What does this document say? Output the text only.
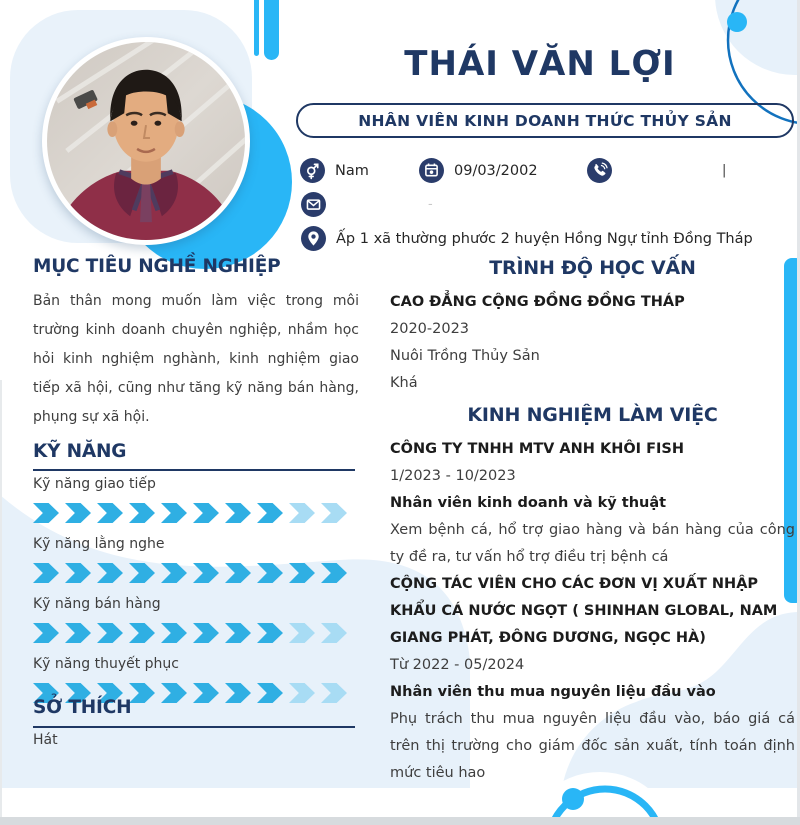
THÁI VĂN LỢI
NHÂN VIÊN KINH DOANH THỨC THỦY SẢN
Nam	09/03/2002	|
-
Ấp 1 xã thường phước 2 huyện Hồng Ngự tỉnh Đồng Tháp
MỤC TIÊU NGHỀ NGHIỆP
Bản thân mong muốn làm việc trong môi trường kinh doanh chuyên nghiệp, nhầm học hỏi kinh nghiệm nghành, kinh nghiệm giao tiếp xã hội, cũng như tăng kỹ năng bán hàng, phụng sự xã hội.
KỸ NĂNG
Kỹ năng giao tiếp
Kỹ năng lằng nghe
Kỹ năng bán hàng
Kỹ năng thuyết phục
SỞ THÍCH
Hát
TRÌNH ĐỘ HỌC VẤN
CAO ĐẲNG CỘNG ĐỒNG ĐỒNG THÁP
2020-2023
Nuôi Trồng Thủy Sản
Khá
KINH NGHIỆM LÀM VIỆC
CÔNG TY TNHH MTV ANH KHÔI FISH
1/2023 - 10/2023
Nhân viên kinh doanh và kỹ thuật
Xem bệnh cá, hổ trợ giao hàng và bán hàng của công ty đề ra, tư vấn hổ trợ điều trị bệnh cá
CỘNG TÁC VIÊN CHO CÁC ĐƠN VỊ XUẤT NHẬP KHẨU CÁ NƯỚC NGỌT ( SHINHAN GLOBAL, NAM GIANG PHÁT, ĐÔNG DƯƠNG, NGỌC HÀ)
Từ 2022 - 05/2024
Nhân viên thu mua nguyên liệu đầu vào
Phụ trách thu mua nguyên liệu đầu vào, báo giá cá trên thị trường cho giám đốc sản xuất, tính toán định mức tiêu hao
